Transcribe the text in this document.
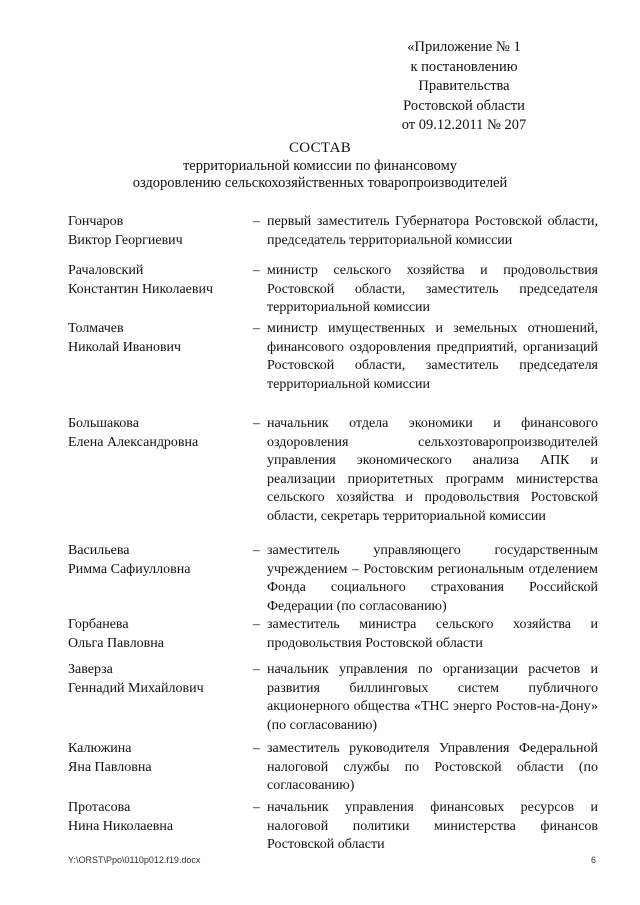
«Приложение № 1
к постановлению
Правительства
Ростовской области
от 09.12.2011 № 207
СОСТАВ
территориальной комиссии по финансовому
оздоровлению сельскохозяйственных товаропроизводителей
Гончаров
Виктор Георгиевич
– первый заместитель Губернатора Ростовской области, председатель территориальной комиссии
Рачаловский
Константин Николаевич
– министр сельского хозяйства и продовольствия Ростовской области, заместитель председателя территориальной комиссии
Толмачев
Николай Иванович
– министр имущественных и земельных отношений, финансового оздоровления предприятий, организаций Ростовской области, заместитель председателя территориальной комиссии
Большакова
Елена Александровна
– начальник отдела экономики и финансового оздоровления сельхозтоваропроизводителей управления экономического анализа АПК и реализации приоритетных программ министерства сельского хозяйства и продовольствия Ростовской области, секретарь территориальной комиссии
Васильева
Римма Сафиулловна
– заместитель управляющего государственным учреждением – Ростовским региональным отделением Фонда социального страхования Российской Федерации (по согласованию)
Горбанева
Ольга Павловна
– заместитель министра сельского хозяйства и продовольствия Ростовской области
Заверза
Геннадий Михайлович
– начальник управления по организации расчетов и развития биллинговых систем публичного акционерного общества «ТНС энерго Ростов-на-Дону» (по согласованию)
Калюжина
Яна Павловна
– заместитель руководителя Управления Федеральной налоговой службы по Ростовской области (по согласованию)
Протасова
Нина Николаевна
– начальник управления финансовых ресурсов и налоговой политики министерства финансов Ростовской области
Y:\ORST\Ppo\0110p012.f19.docx	6
